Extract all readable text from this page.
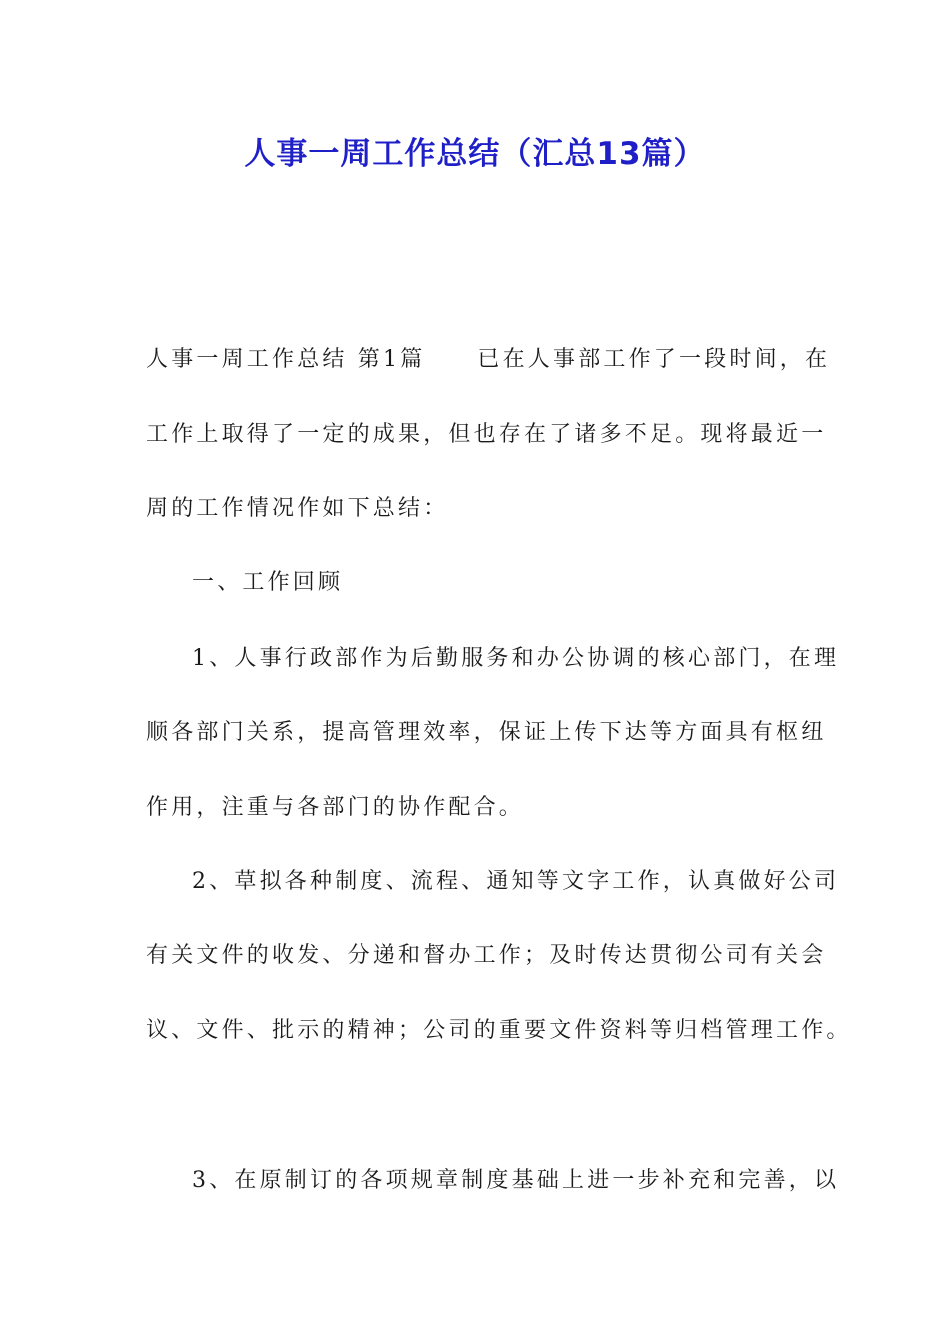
人事一周工作总结（汇总13篇）
人事一周工作总结 第1篇 已在人事部工作了一段时间，在
工作上取得了一定的成果，但也存在了诸多不足。现将最近一
周的工作情况作如下总结：
一、工作回顾
1、人事行政部作为后勤服务和办公协调的核心部门，在理
顺各部门关系，提高管理效率，保证上传下达等方面具有枢纽
作用，注重与各部门的协作配合。
2、草拟各种制度、流程、通知等文字工作，认真做好公司
有关文件的收发、分递和督办工作；及时传达贯彻公司有关会
议、文件、批示的精神；公司的重要文件资料等归档管理工作。
3、在原制订的各项规章制度基础上进一步补充和完善，以
